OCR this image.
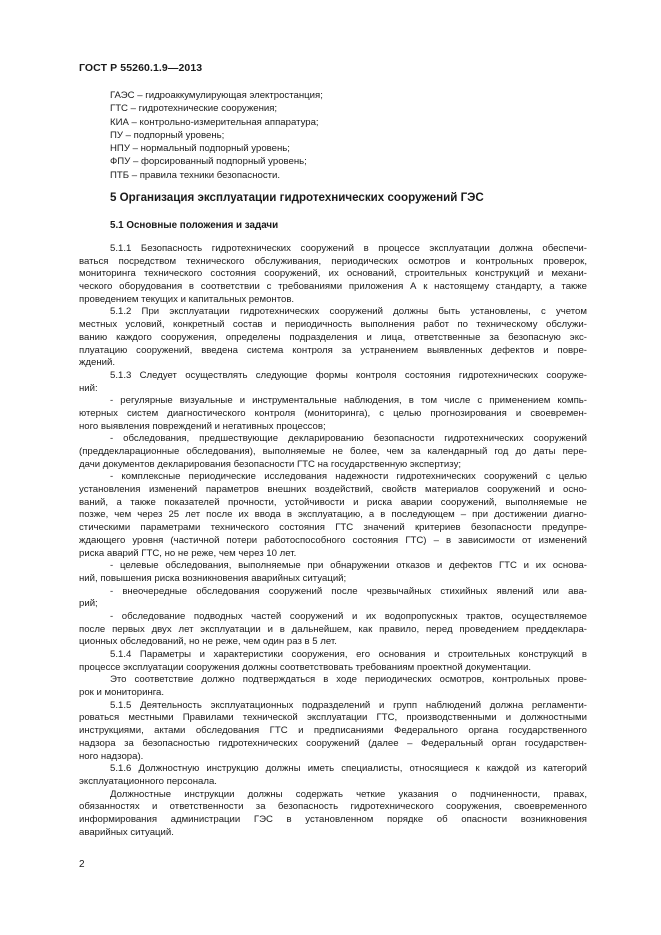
ГОСТ Р 55260.1.9—2013
ГАЭС – гидроаккумулирующая электростанция;
ГТС – гидротехнические сооружения;
КИА – контрольно-измерительная аппаратура;
ПУ – подпорный уровень;
НПУ – нормальный подпорный уровень;
ФПУ – форсированный подпорный уровень;
ПТБ – правила техники безопасности.
5 Организация эксплуатации гидротехнических сооружений ГЭС
5.1 Основные положения и задачи
5.1.1 Безопасность гидротехнических сооружений в процессе эксплуатации должна обеспечи-
ваться посредством технического обслуживания, периодических осмотров и контрольных проверок,
мониторинга технического состояния сооружений, их оснований, строительных конструкций и механи-
ческого оборудования в соответствии с требованиями приложения А к настоящему стандарту, а также
проведением текущих и капитальных ремонтов.
5.1.2 При эксплуатации гидротехнических сооружений должны быть установлены, с учетом
местных условий, конкретный состав и периодичность выполнения работ по техническому обслужи-
ванию каждого сооружения, определены подразделения и лица, ответственные за безопасную экс-
плуатацию сооружений, введена система контроля за устранением выявленных дефектов и повре-
ждений.
5.1.3 Следует осуществлять следующие формы контроля состояния гидротехнических сооруже-
ний:
- регулярные визуальные и инструментальные наблюдения, в том числе с применением компь-
ютерных систем диагностического контроля (мониторинга), с целью прогнозирования и своевремен-
ного выявления повреждений и негативных процессов;
- обследования, предшествующие декларированию безопасности гидротехнических сооружений
(преддекларационные обследования), выполняемые не более, чем за календарный год до даты пере-
дачи документов декларирования безопасности ГТС на государственную экспертизу;
- комплексные периодические исследования надежности гидротехнических сооружений с целью
установления изменений параметров внешних воздействий, свойств материалов сооружений и осно-
ваний, а также показателей прочности, устойчивости и риска аварии сооружений, выполняемые не
позже, чем через 25 лет после их ввода в эксплуатацию, а в последующем – при достижении диагно-
стическими параметрами технического состояния ГТС значений критериев безопасности предупре-
ждающего уровня (частичной потери работоспособного состояния ГТС) – в зависимости от изменений
риска аварий ГТС, но не реже, чем через 10 лет.
- целевые обследования, выполняемые при обнаружении отказов и дефектов ГТС и их основа-
ний, повышения риска возникновения аварийных ситуаций;
- внеочередные обследования сооружений после чрезвычайных стихийных явлений или ава-
рий;
- обследование подводных частей сооружений и их водопропускных трактов, осуществляемое
после первых двух лет эксплуатации и в дальнейшем, как правило, перед проведением преддеклара-
ционных обследований, но не реже, чем один раз в 5 лет.
5.1.4 Параметры и характеристики сооружения, его основания и строительных конструкций в
процессе эксплуатации сооружения должны соответствовать требованиям проектной документации.
Это соответствие должно подтверждаться в ходе периодических осмотров, контрольных прове-
рок и мониторинга.
5.1.5 Деятельность эксплуатационных подразделений и групп наблюдений должна регламенти-
роваться местными Правилами технической эксплуатации ГТС, производственными и должностными
инструкциями, актами обследования ГТС и предписаниями Федерального органа государственного
надзора за безопасностью гидротехнических сооружений (далее – Федеральный орган государствен-
ного надзора).
5.1.6 Должностную инструкцию должны иметь специалисты, относящиеся к каждой из категорий
эксплуатационного персонала.
Должностные инструкции должны содержать четкие указания о подчиненности, правах,
обязанностях и ответственности за безопасность гидротехнического сооружения, своевременного
информирования администрации ГЭС в установленном порядке об опасности возникновения
аварийных ситуаций.
2
